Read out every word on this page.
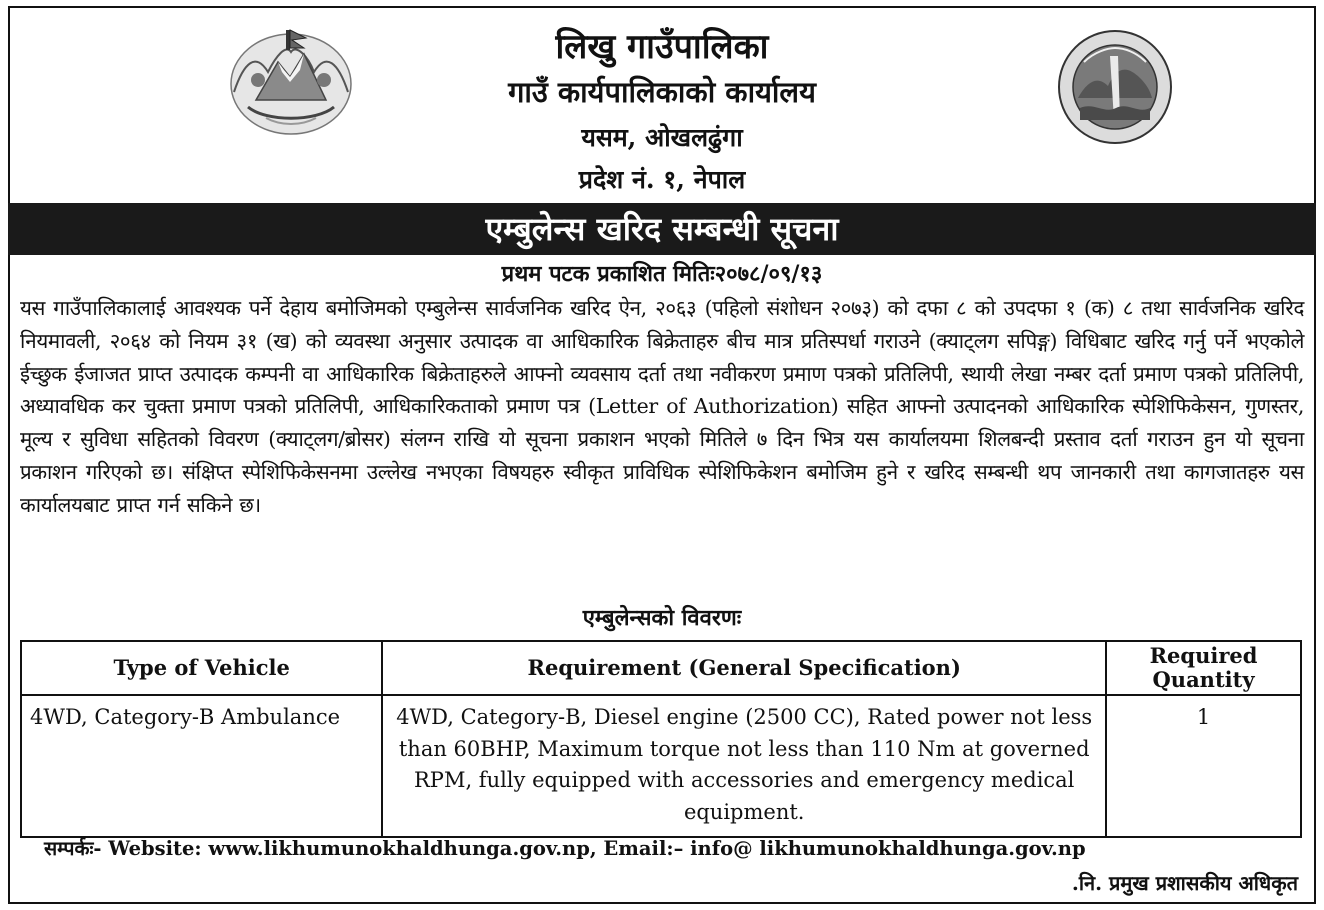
लिखु गाउँपालिका
गाउँ कार्यपालिकाको कार्यालय
यसम, ओखलढुंगा
प्रदेश नं. १, नेपाल
एम्बुलेन्स खरिद सम्बन्धी सूचना
प्रथम पटक प्रकाशित मितिः२०७८/०९/१३
यस गाउँपालिकालाई आवश्यक पर्ने देहाय बमोजिमको एम्बुलेन्स सार्वजनिक खरिद ऐन, २०६३ (पहिलो संशोधन २०७३) को दफा ८ को उपदफा १ (क) ८ तथा सार्वजनिक खरिद नियमावली, २०६४ को नियम ३१ (ख) को व्यवस्था अनुसार उत्पादक वा आधिकारिक बिक्रेताहरु बीच मात्र प्रतिस्पर्धा गराउने (क्याट्लग सपिङ्ग) विधिबाट खरिद गर्नु पर्ने भएकोले ईच्छुक ईजाजत प्राप्त उत्पादक कम्पनी वा आधिकारिक बिक्रेताहरुले आफ्नो व्यवसाय दर्ता तथा नवीकरण प्रमाण पत्रको प्रतिलिपी, स्थायी लेखा नम्बर दर्ता प्रमाण पत्रको प्रतिलिपी, अध्यावधिक कर चुक्ता प्रमाण पत्रको प्रतिलिपी, आधिकारिकताको प्रमाण पत्र (Letter of Authorization) सहित आफ्नो उत्पादनको आधिकारिक स्पेशिफिकेसन, गुणस्तर, मूल्य र सुविधा सहितको विवरण (क्याट्लग/ब्रोसर) संलग्न राखि यो सूचना प्रकाशन भएको मितिले ७ दिन भित्र यस कार्यालयमा शिलबन्दी प्रस्ताव दर्ता गराउन हुन यो सूचना प्रकाशन गरिएको छ। संक्षिप्त स्पेशिफिकेसनमा उल्लेख नभएका विषयहरु स्वीकृत प्राविधिक स्पेशिफिकेशन बमोजिम हुने र खरिद सम्बन्धी थप जानकारी तथा कागजातहरु यस कार्यालयबाट प्राप्त गर्न सकिने छ।
एम्बुलेन्सको विवरणः
Type of Vehicle	Requirement (General Specification)	Required Quantity
4WD, Category-B Ambulance	4WD, Category-B, Diesel engine (2500 CC), Rated power not less than 60BHP, Maximum torque not less than 110 Nm at governed RPM, fully equipped with accessories and emergency medical equipment.	1
सम्पर्कः- Website: www.likhumunokhaldhunga.gov.np, Email:– info@ likhumunokhaldhunga.gov.np
.नि. प्रमुख प्रशासकीय अधिकृत
